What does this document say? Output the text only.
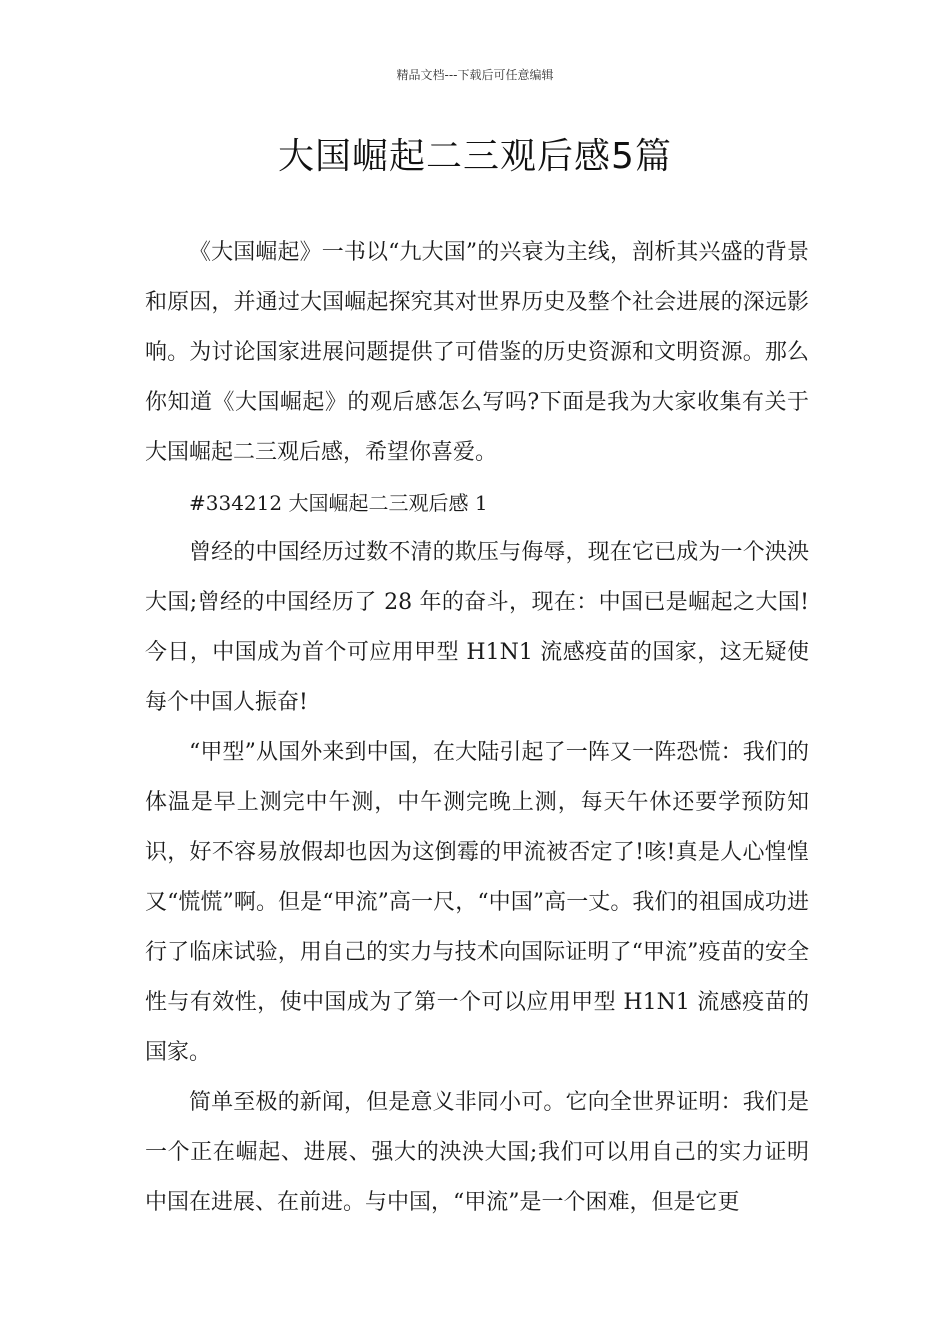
精品文档---下载后可任意编辑
大国崛起二三观后感5篇

《大国崛起》一书以“九大国”的兴衰为主线，剖析其兴盛的背景和原因，并通过大国崛起探究其对世界历史及整个社会进展的深远影响。为讨论国家进展问题提供了可借鉴的历史资源和文明资源。那么你知道《大国崛起》的观后感怎么写吗?下面是我为大家收集有关于大国崛起二三观后感，希望你喜爱。

#334212 大国崛起二三观后感 1

曾经的中国经历过数不清的欺压与侮辱，现在它已成为一个泱泱大国;曾经的中国经历了 28 年的奋斗，现在：中国已是崛起之大国!今日，中国成为首个可应用甲型 H1N1 流感疫苗的国家，这无疑使每个中国人振奋!

“甲型”从国外来到中国，在大陆引起了一阵又一阵恐慌：我们的体温是早上测完中午测，中午测完晚上测，每天午休还要学预防知识，好不容易放假却也因为这倒霉的甲流被否定了!咳!真是人心惶惶又“慌慌”啊。但是“甲流”高一尺，“中国”高一丈。我们的祖国成功进行了临床试验，用自己的实力与技术向国际证明了“甲流”疫苗的安全性与有效性，使中国成为了第一个可以应用甲型 H1N1 流感疫苗的国家。

简单至极的新闻，但是意义非同小可。它向全世界证明：我们是一个正在崛起、进展、强大的泱泱大国;我们可以用自己的实力证明中国在进展、在前进。与中国，“甲流”是一个困难，但是它更
